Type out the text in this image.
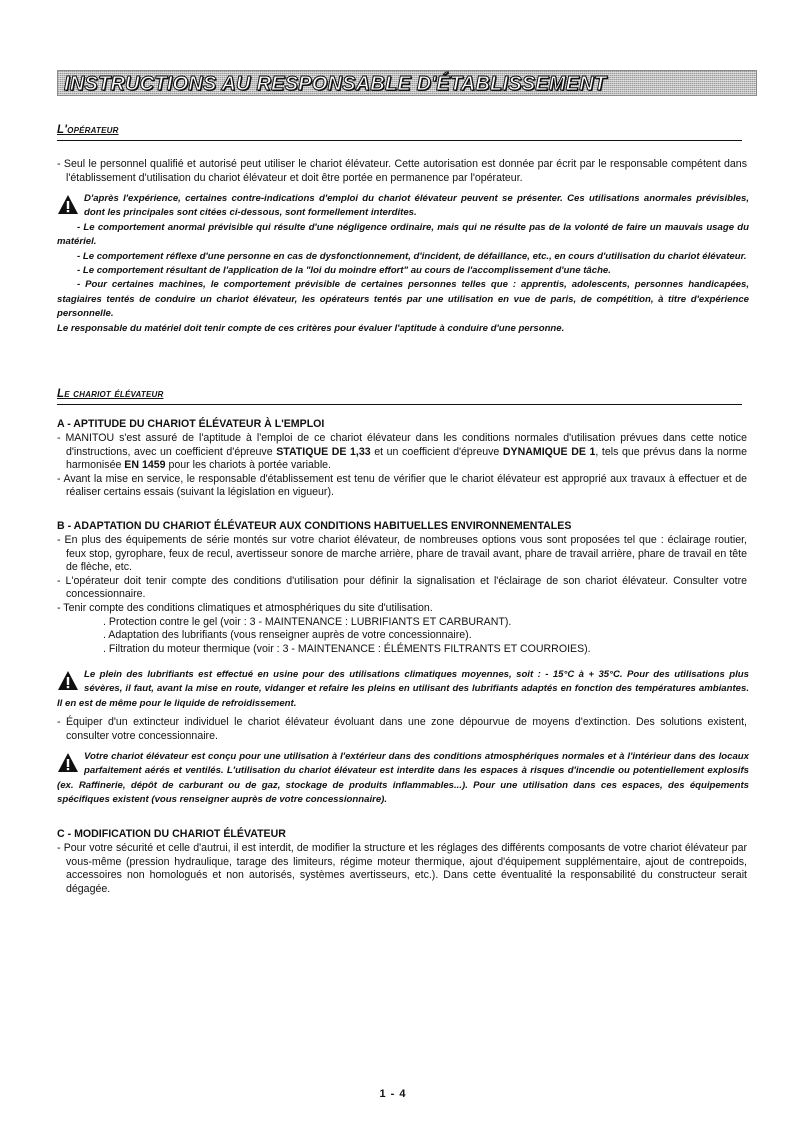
INSTRUCTIONS AU RESPONSABLE D'ÉTABLISSEMENT
L'opérateur

- Seul le personnel qualifié et autorisé peut utiliser le chariot élévateur. Cette autorisation est donnée par écrit par le responsable compétent dans l'établissement d'utilisation du chariot élévateur et doit être portée en permanence par l'opérateur.

D'après l'expérience, certaines contre-indications d'emploi du chariot élévateur peuvent se présenter. Ces utilisations anormales prévisibles, dont les principales sont citées ci-dessous, sont formellement interdites.

- Le comportement anormal prévisible qui résulte d'une négligence ordinaire, mais qui ne résulte pas de la volonté de faire un mauvais usage du matériel.

- Le comportement réflexe d'une personne en cas de dysfonctionnement, d'incident, de défaillance, etc., en cours d'utilisation du chariot élévateur.

- Le comportement résultant de l'application de la "loi du moindre effort" au cours de l'accomplissement d'une tâche.

- Pour certaines machines, le comportement prévisible de certaines personnes telles que : apprentis, adolescents, personnes handicapées, stagiaires tentés de conduire un chariot élévateur, les opérateurs tentés par une utilisation en vue de paris, de compétition, à titre d'expérience personnelle.

Le responsable du matériel doit tenir compte de ces critères pour évaluer l'aptitude à conduire d'une personne.

Le chariot élévateur
A - APTITUDE DU CHARIOT ÉLÉVATEUR À L'EMPLOI

- MANITOU s'est assuré de l'aptitude à l'emploi de ce chariot élévateur dans les conditions normales d'utilisation prévues dans cette notice d'instructions, avec un coefficient d'épreuve STATIQUE DE 1,33 et un coefficient d'épreuve DYNAMIQUE DE 1, tels que prévus dans la norme harmonisée EN 1459 pour les chariots à portée variable.

- Avant la mise en service, le responsable d'établissement est tenu de vérifier que le chariot élévateur est approprié aux travaux à effectuer et de réaliser certains essais (suivant la législation en vigueur).

B - ADAPTATION DU CHARIOT ÉLÉVATEUR AUX CONDITIONS HABITUELLES ENVIRONNEMENTALES

- En plus des équipements de série montés sur votre chariot élévateur, de nombreuses options vous sont proposées tel que : éclairage routier, feux stop, gyrophare, feux de recul, avertisseur sonore de marche arrière, phare de travail avant, phare de travail arrière, phare de travail en tête de flèche, etc.

- L'opérateur doit tenir compte des conditions d'utilisation pour définir la signalisation et l'éclairage de son chariot élévateur. Consulter votre concessionnaire.

- Tenir compte des conditions climatiques et atmosphériques du site d'utilisation.

. Protection contre le gel (voir : 3 - MAINTENANCE : LUBRIFIANTS ET CARBURANT).

. Adaptation des lubrifiants (vous renseigner auprès de votre concessionnaire).

. Filtration du moteur thermique (voir : 3 - MAINTENANCE : ÉLÉMENTS FILTRANTS ET COURROIES).

Le plein des lubrifiants est effectué en usine pour des utilisations climatiques moyennes, soit : - 15°C à + 35°C. Pour des utilisations plus sévères, il faut, avant la mise en route, vidanger et refaire les pleins en utilisant des lubrifiants adaptés en fonction des températures ambiantes. Il en est de même pour le liquide de refroidissement.

- Équiper d'un extincteur individuel le chariot élévateur évoluant dans une zone dépourvue de moyens d'extinction. Des solutions existent, consulter votre concessionnaire.

Votre chariot élévateur est conçu pour une utilisation à l'extérieur dans des conditions atmosphériques normales et à l'intérieur dans des locaux parfaitement aérés et ventilés. L'utilisation du chariot élévateur est interdite dans les espaces à risques d'incendie ou potentiellement explosifs (ex. Raffinerie, dépôt de carburant ou de gaz, stockage de produits inflammables...). Pour une utilisation dans ces espaces, des équipements spécifiques existent (vous renseigner auprès de votre concessionnaire).

C - MODIFICATION DU CHARIOT ÉLÉVATEUR

- Pour votre sécurité et celle d'autrui, il est interdit, de modifier la structure et les réglages des différents composants de votre chariot élévateur par vous-même (pression hydraulique, tarage des limiteurs, régime moteur thermique, ajout d'équipement supplémentaire, ajout de contrepoids, accessoires non homologués et non autorisés, systèmes avertisseurs, etc.). Dans cette éventualité la responsabilité du constructeur serait dégagée.

1 - 4
